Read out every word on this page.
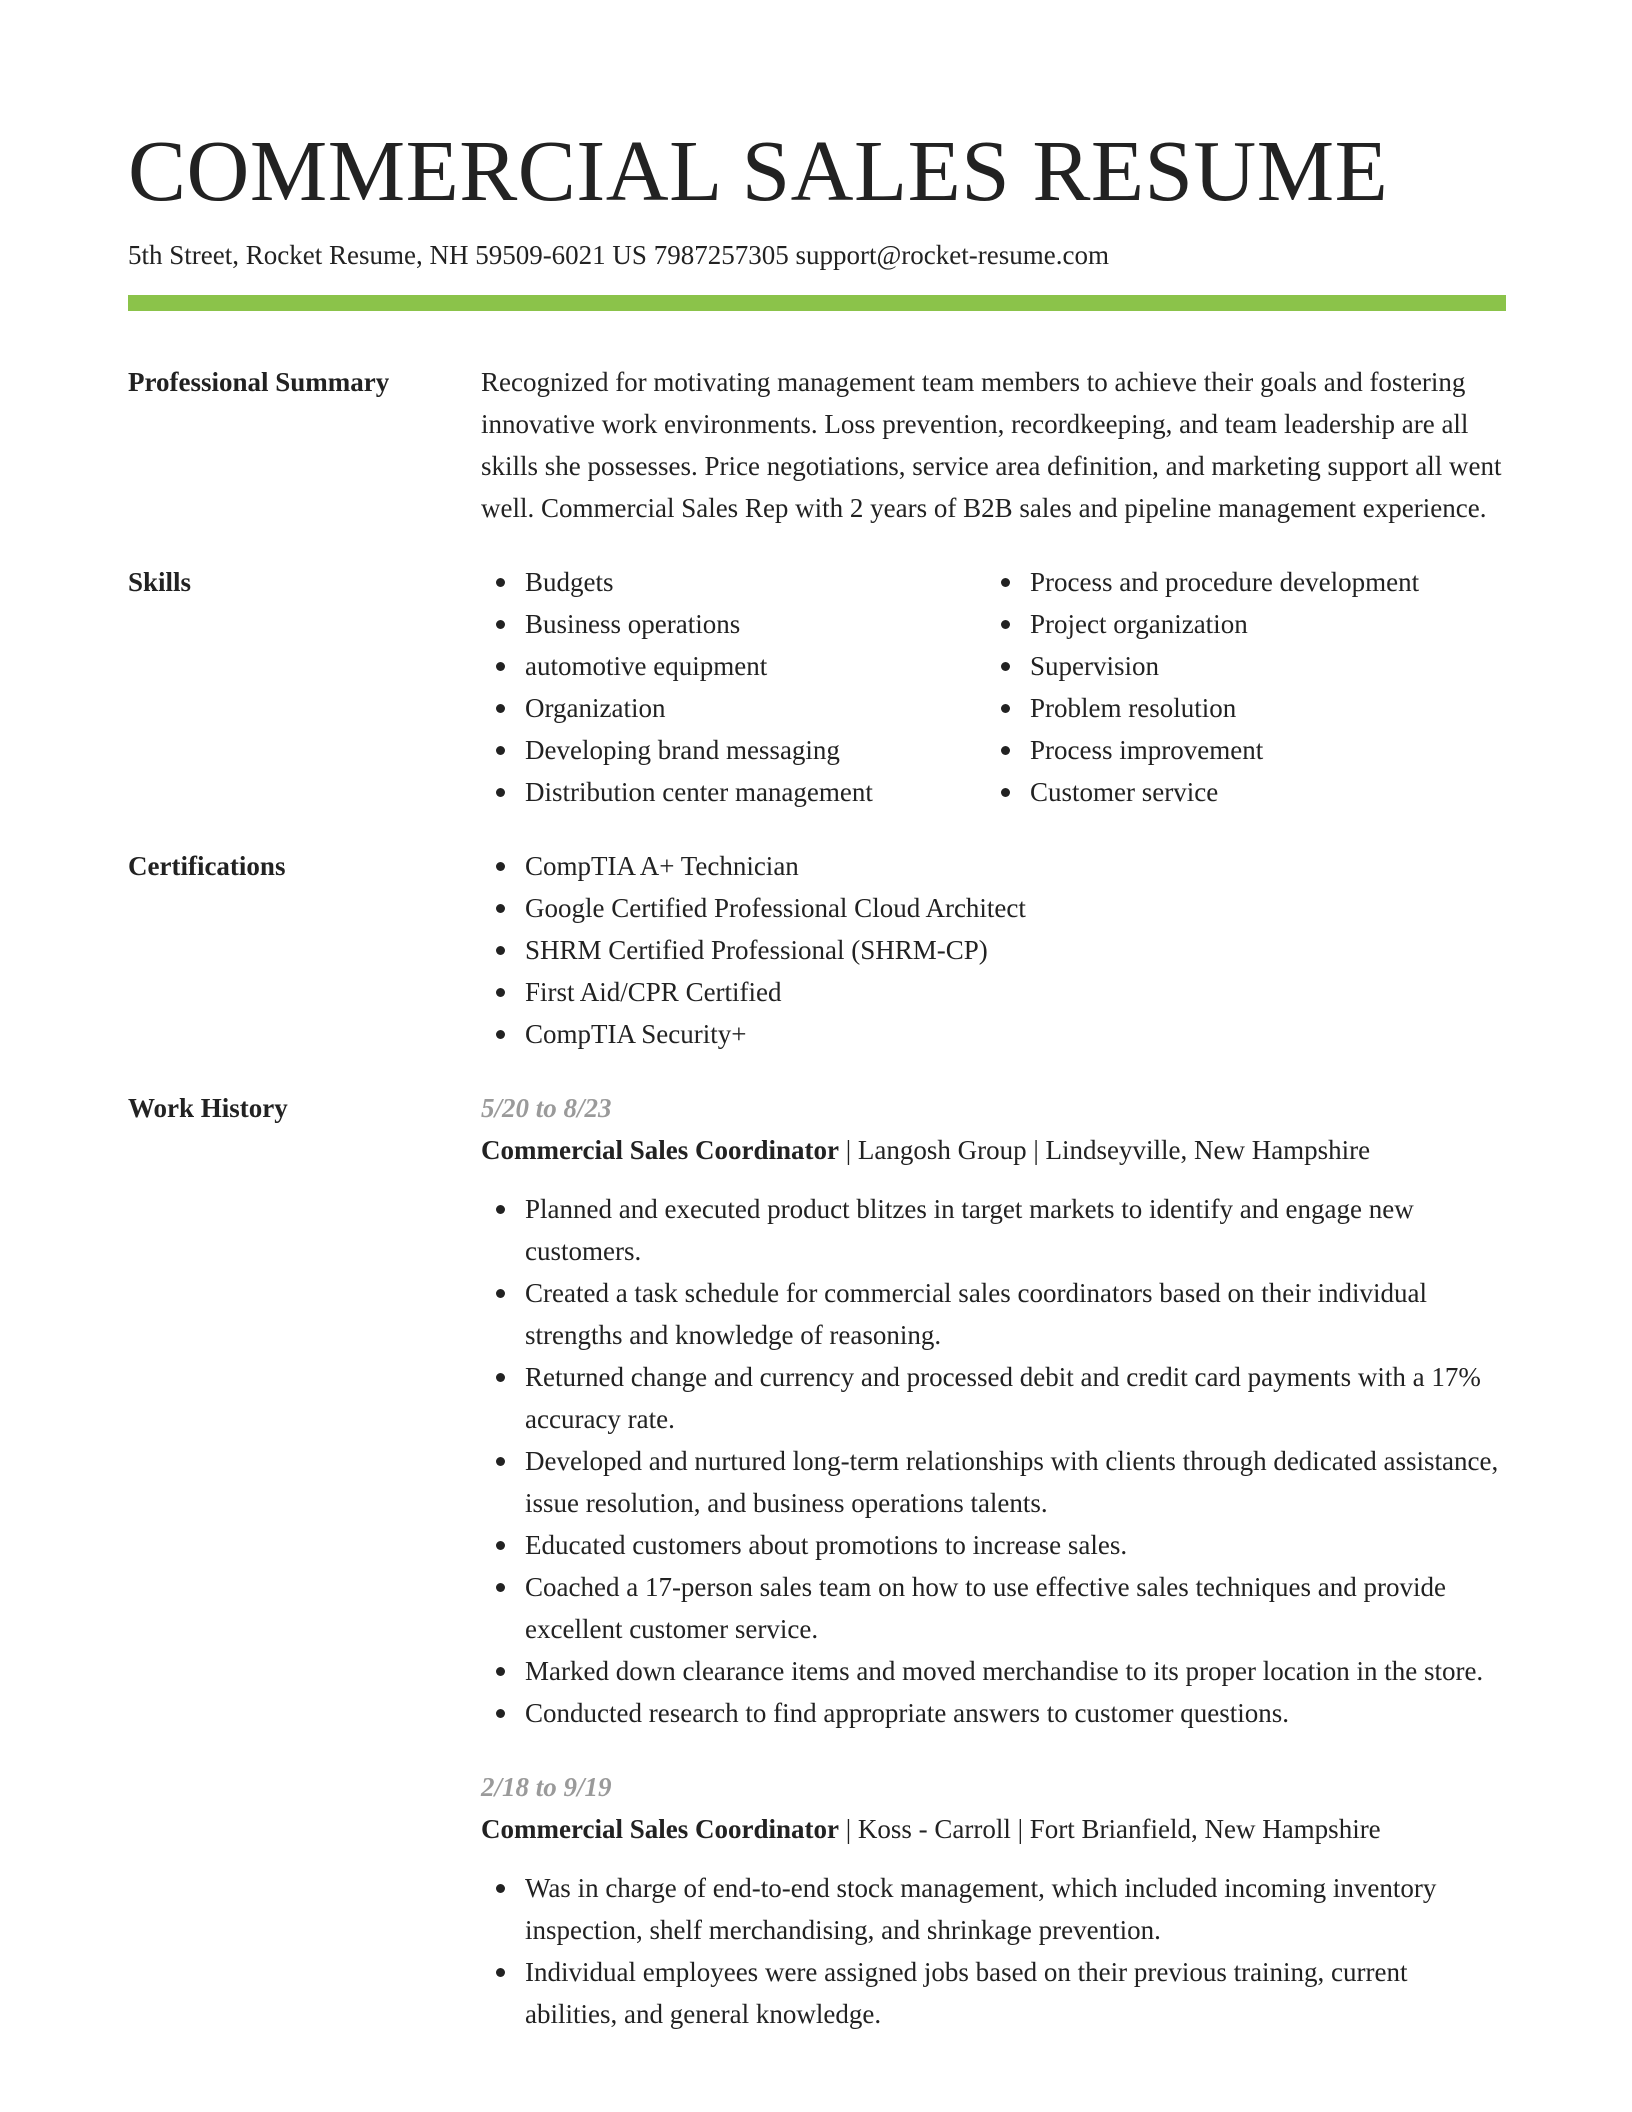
COMMERCIAL SALES RESUME
5th Street, Rocket Resume, NH 59509-6021 US 7987257305 support@rocket-resume.com
Professional Summary	Recognized for motivating management team members to achieve their goals and fostering innovative work environments. Loss prevention, recordkeeping, and team leadership are all skills she possesses. Price negotiations, service area definition, and marketing support all went well. Commercial Sales Rep with 2 years of B2B sales and pipeline management experience.
Skills	Budgets
Business operations
automotive equipment
Organization
Developing brand messaging
Distribution center management
Process and procedure development
Project organization
Supervision
Problem resolution
Process improvement
Customer service
Certifications	CompTIA A+ Technician
Google Certified Professional Cloud Architect
SHRM Certified Professional (SHRM-CP)
First Aid/CPR Certified
CompTIA Security+
Work History	5/20 to 8/23
Commercial Sales Coordinator | Langosh Group | Lindseyville, New Hampshire
Planned and executed product blitzes in target markets to identify and engage new customers.
Created a task schedule for commercial sales coordinators based on their individual strengths and knowledge of reasoning.
Returned change and currency and processed debit and credit card payments with a 17% accuracy rate.
Developed and nurtured long-term relationships with clients through dedicated assistance, issue resolution, and business operations talents.
Educated customers about promotions to increase sales.
Coached a 17-person sales team on how to use effective sales techniques and provide excellent customer service.
Marked down clearance items and moved merchandise to its proper location in the store.
Conducted research to find appropriate answers to customer questions.
2/18 to 9/19
Commercial Sales Coordinator | Koss - Carroll | Fort Brianfield, New Hampshire
Was in charge of end-to-end stock management, which included incoming inventory inspection, shelf merchandising, and shrinkage prevention.
Individual employees were assigned jobs based on their previous training, current abilities, and general knowledge.
